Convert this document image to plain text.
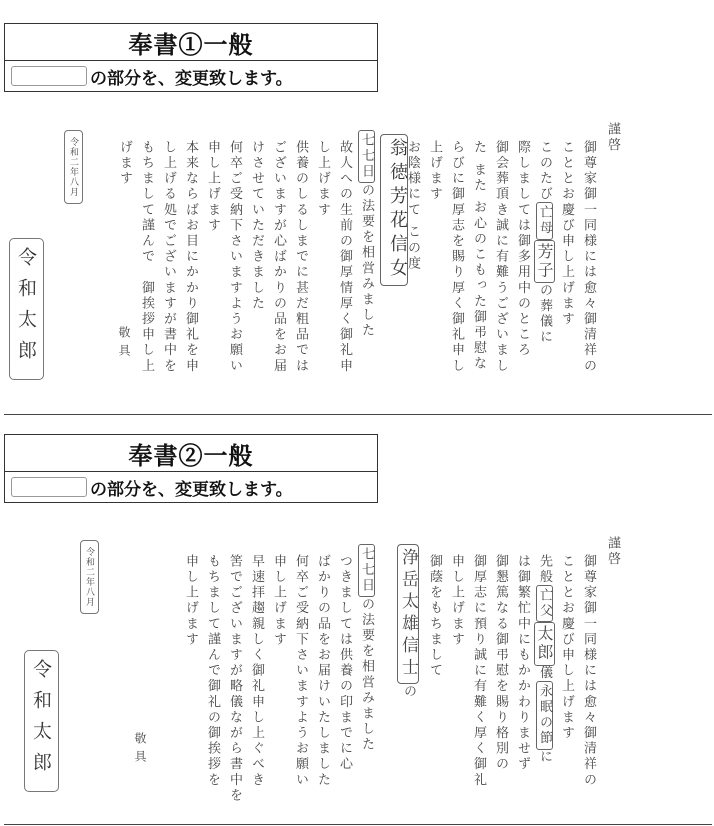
奉書①一般
の部分を、変更致します。
謹啓
御尊家御一同様には愈々御清祥の
こととお慶び申し上げます
このたび亡母芳子の葬儀に
際しましては御多用中のところ
御会葬頂き誠に有難うございまし
た また お心のこもった御弔慰な
らびに御厚志を賜り厚く御礼申し
上げます
お陰様にて この度
翁徳芳花信女
七七日の法要を相営みました
故人への生前の御厚情厚く御礼申
し上げます
供養のしるしまでに甚だ粗品では
ございますが心ばかりの品をお届
けさせていただきました
何卒ご受納下さいますようお願い
申し上げます
本来ならばお目にかかり御礼を申
し上げる処でございますが書中を
もちまして謹んで　御挨拶申し上
げます
敬具
令和二年八月
令和太郎
奉書②一般
の部分を、変更致します。
謹啓
御尊家御一同様には愈々御清祥の
こととお慶び申し上げます
先般亡父太郎儀永眠の節に
は御繁忙中にもかかわりませず
御懇篤なる御弔慰を賜り格別の
御厚志に預り誠に有難く厚く御礼
申し上げます
御蔭をもちまして
浄岳太雄信士の
七七日の法要を相営みました
つきましては供養の印までに心
ばかりの品をお届けいたしました
何卒ご受納下さいますようお願い
申し上げます
早速拝趨親しく御礼申し上ぐべき
筈でございますが略儀ながら書中を
もちまして謹んで御礼の御挨拶を
申し上げます
敬具
令和二年八月
令和太郎
